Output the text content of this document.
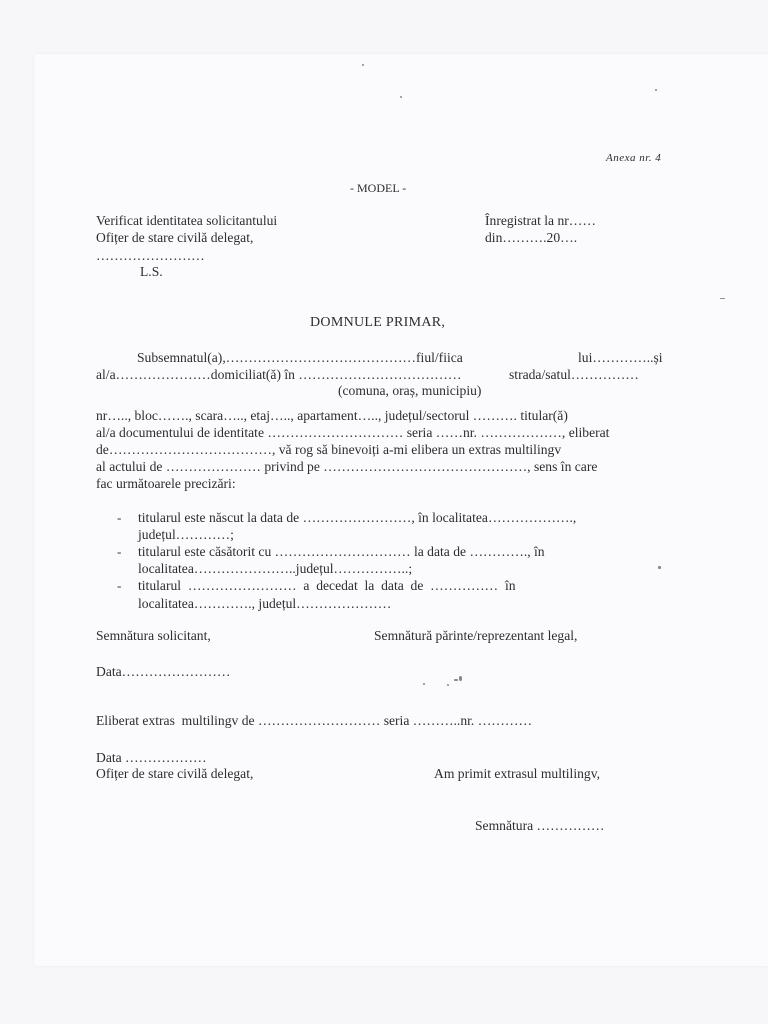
Anexa nr. 4
- MODEL -
Verificat identitatea solicitantului
Ofițer de stare civilă delegat,
……………………
L.S.
Înregistrat la nr……
din……….20….
DOMNULE PRIMAR,
Subsemnatul(a),……………………………………fiul/fiica	lui…………..și
al/a…………………domiciliat(ă) în ………………………………	strada/satul……………
(comuna, oraș, municipiu)
nr….., bloc……., scara….., etaj….., apartament….., județul/sectorul ………. titular(ă)
al/a documentului de identitate ………………………… seria ……nr. ………………, eliberat
de………………………………, vă rog să binevoiți a-mi elibera un extras multilingv
al actului de ………………… privind pe ………………………………………, sens în care
fac următoarele precizări:
- titularul este născut la data de ……………………, în localitatea……………….,
județul…………;
- titularul este căsătorit cu ………………………… la data de …………., în
localitatea…………………..județul……………..;
- titularul  ……………………  a  decedat  la  data  de  ……………  în
localitatea…………., județul…………………
Semnătura solicitant,	Semnătură părinte/reprezentant legal,
Data……………………
Eliberat extras  multilingv de ……………………… seria ………..nr. …………
Data ………………
Ofițer de stare civilă delegat,	Am primit extrasul multilingv,
Semnătura ……………
